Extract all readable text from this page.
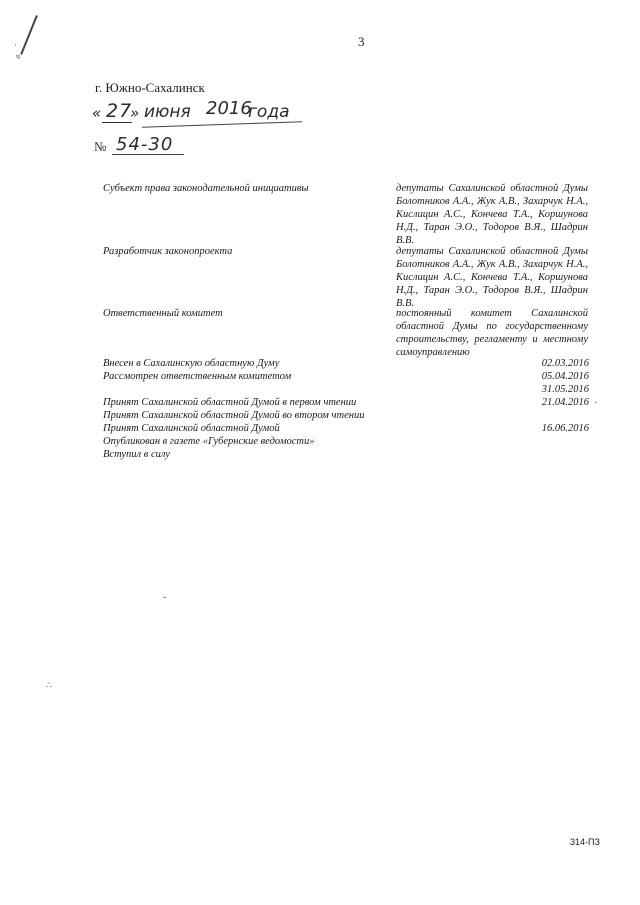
·
ч
ˇ
∴
·
3
г. Южно-Сахалинск
« 27
» июня 2016
года
№ 54-30
Субъект права законодательной инициативы	депутаты Сахалинской областной Думы Болотников А.А., Жук А.В., Захарчук Н.А., Кислицин А.С., Кончева Т.А., Коршунова Н.Д., Таран Э.О., Тодоров В.Я., Шадрин В.В.
Разработчик законопроекта	депутаты Сахалинской областной Думы Болотников А.А., Жук А.В., Захарчук Н.А., Кислицин А.С., Кончева Т.А., Коршунова Н.Д., Таран Э.О., Тодоров В.Я., Шадрин В.В.
Ответственный комитет	постоянный комитет Сахалинской областной Думы по государственному строительству, регламенту и местному самоуправлению
Внесен в Сахалинскую областную Думу	02.03.2016
Рассмотрен ответственным комитетом	05.04.2016
31.05.2016
Принят Сахалинской областной Думой в первом чтении	21.04.2016
Принят Сахалинской областной Думой во втором чтении
Принят Сахалинской областной Думой	16.06.2016
Опубликован в газете «Губернские ведомости»
Вступил в силу
314-ПЗ
